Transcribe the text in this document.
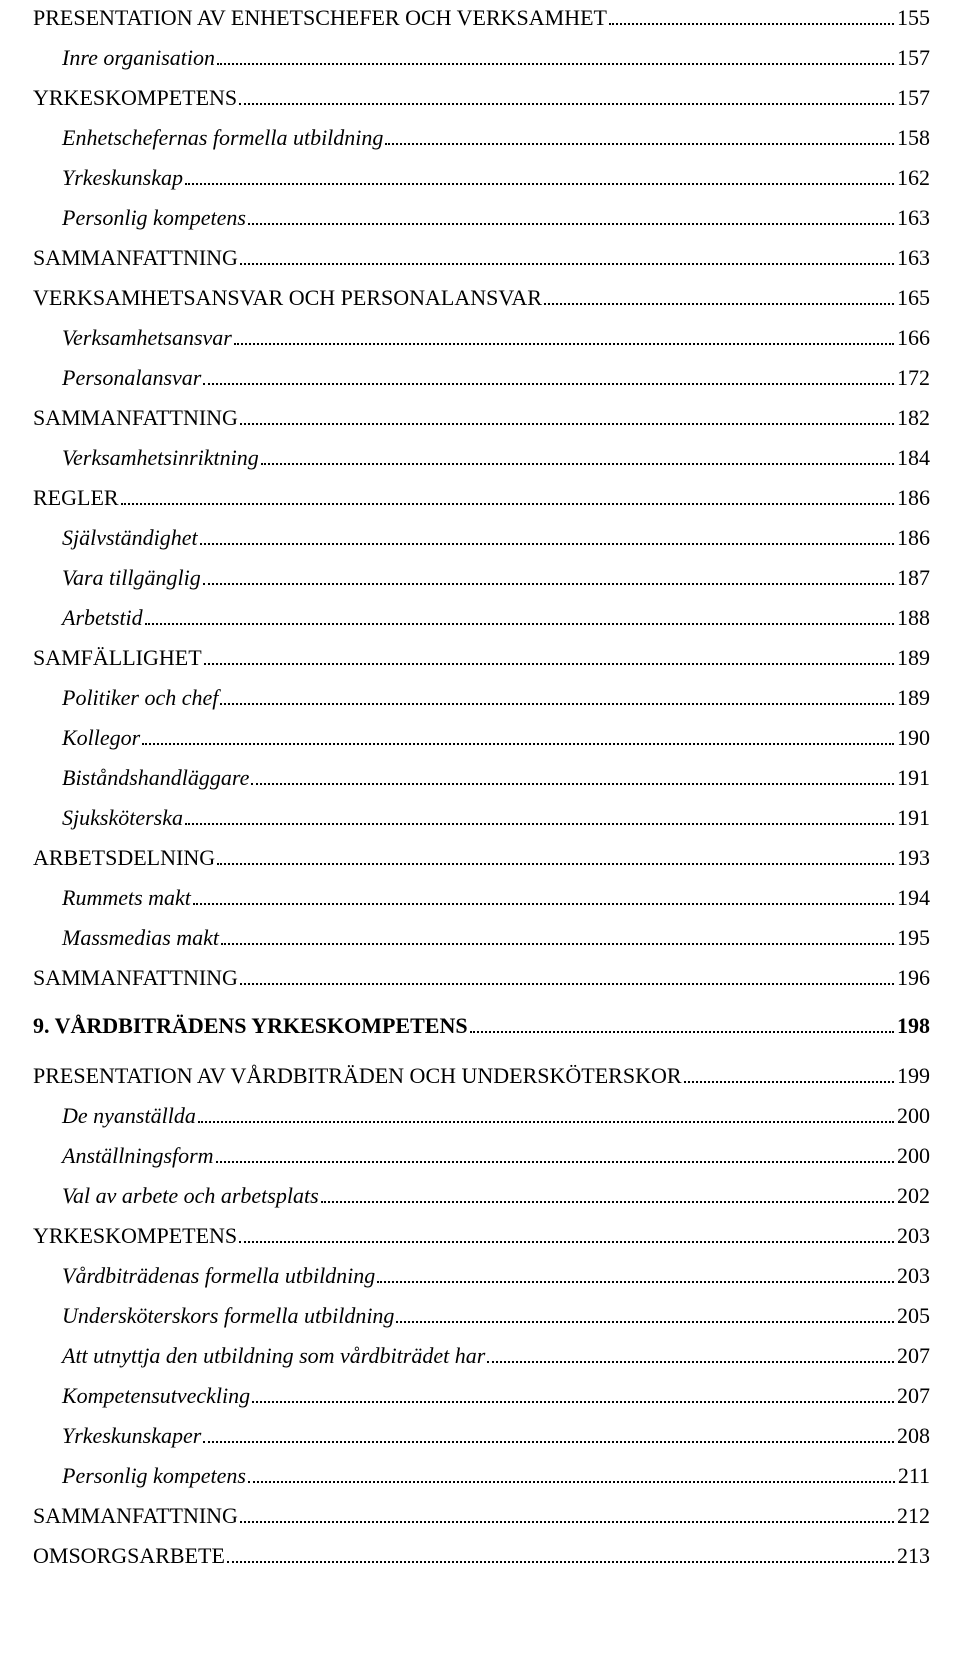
PRESENTATION AV ENHETSCHEFER OCH VERKSAMHET	155
Inre organisation	157
YRKESKOMPETENS	157
Enhetschefernas formella utbildning	158
Yrkeskunskap	162
Personlig kompetens	163
SAMMANFATTNING	163
VERKSAMHETSANSVAR OCH PERSONALANSVAR	165
Verksamhetsansvar	166
Personalansvar	172
SAMMANFATTNING	182
Verksamhetsinriktning	184
REGLER	186
Självständighet	186
Vara tillgänglig	187
Arbetstid	188
SAMFÄLLIGHET	189
Politiker och chef	189
Kollegor	190
Biståndshandläggare	191
Sjuksköterska	191
ARBETSDELNING	193
Rummets makt	194
Massmedias makt	195
SAMMANFATTNING	196
9. VÅRDBITRÄDENS YRKESKOMPETENS	198
PRESENTATION AV VÅRDBITRÄDEN OCH UNDERSKÖTERSKOR	199
De nyanställda	200
Anställningsform	200
Val av arbete och arbetsplats	202
YRKESKOMPETENS	203
Vårdbiträdenas formella utbildning	203
Undersköterskors formella utbildning	205
Att utnyttja den utbildning som vårdbiträdet har	207
Kompetensutveckling	207
Yrkeskunskaper	208
Personlig kompetens	211
SAMMANFATTNING	212
OMSORGSARBETE	213
